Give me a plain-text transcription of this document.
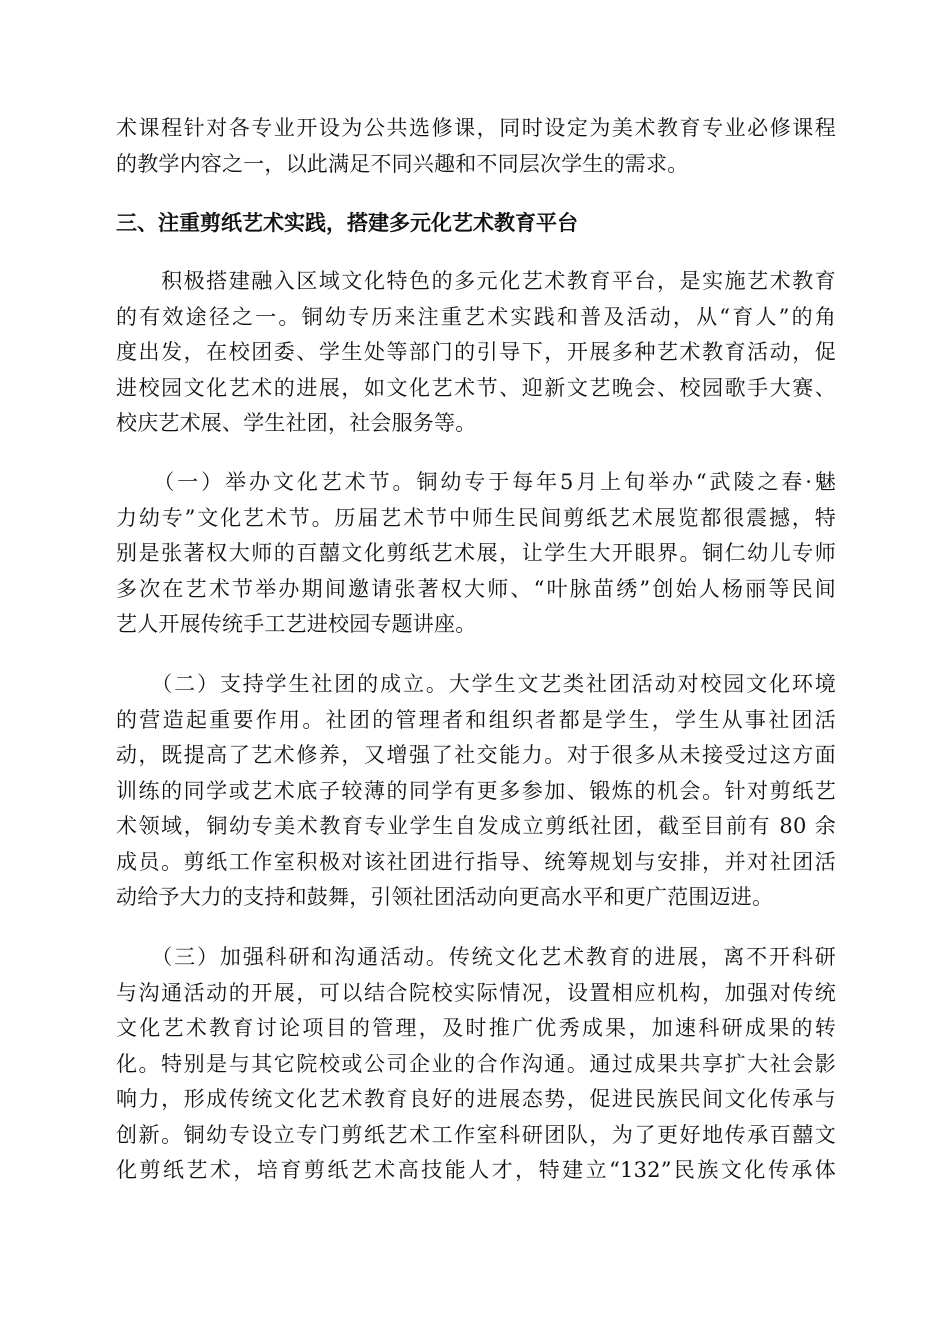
术课程针对各专业开设为公共选修课，同时设定为美术教育专业必修课程
的教学内容之一，以此满足不同兴趣和不同层次学生的需求。
三、注重剪纸艺术实践，搭建多元化艺术教育平台
　　积极搭建融入区域文化特色的多元化艺术教育平台，是实施艺术教育
的有效途径之一。铜幼专历来注重艺术实践和普及活动，从“育人”的角
度出发，在校团委、学生处等部门的引导下，开展多种艺术教育活动，促
进校园文化艺术的进展，如文化艺术节、迎新文艺晚会、校园歌手大赛、
校庆艺术展、学生社团，社会服务等。
　　（一）举办文化艺术节。铜幼专于每年5月上旬举办“武陵之春·魅
力幼专”文化艺术节。历届艺术节中师生民间剪纸艺术展览都很震撼，特
别是张著权大师的百囍文化剪纸艺术展，让学生大开眼界。铜仁幼儿专师
多次在艺术节举办期间邀请张著权大师、“叶脉苗绣”创始人杨丽等民间
艺人开展传统手工艺进校园专题讲座。
　　（二）支持学生社团的成立。大学生文艺类社团活动对校园文化环境
的营造起重要作用。社团的管理者和组织者都是学生，学生从事社团活
动，既提高了艺术修养，又增强了社交能力。对于很多从未接受过这方面
训练的同学或艺术底子较薄的同学有更多参加、锻炼的机会。针对剪纸艺
术领域，铜幼专美术教育专业学生自发成立剪纸社团，截至目前有 80 余
成员。剪纸工作室积极对该社团进行指导、统筹规划与安排，并对社团活
动给予大力的支持和鼓舞，引领社团活动向更高水平和更广范围迈进。
　　（三）加强科研和沟通活动。传统文化艺术教育的进展，离不开科研
与沟通活动的开展，可以结合院校实际情况，设置相应机构，加强对传统
文化艺术教育讨论项目的管理，及时推广优秀成果，加速科研成果的转
化。特别是与其它院校或公司企业的合作沟通。通过成果共享扩大社会影
响力，形成传统文化艺术教育良好的进展态势，促进民族民间文化传承与
创新。铜幼专设立专门剪纸艺术工作室科研团队，为了更好地传承百囍文
化剪纸艺术，培育剪纸艺术高技能人才，特建立“132”民族文化传承体
